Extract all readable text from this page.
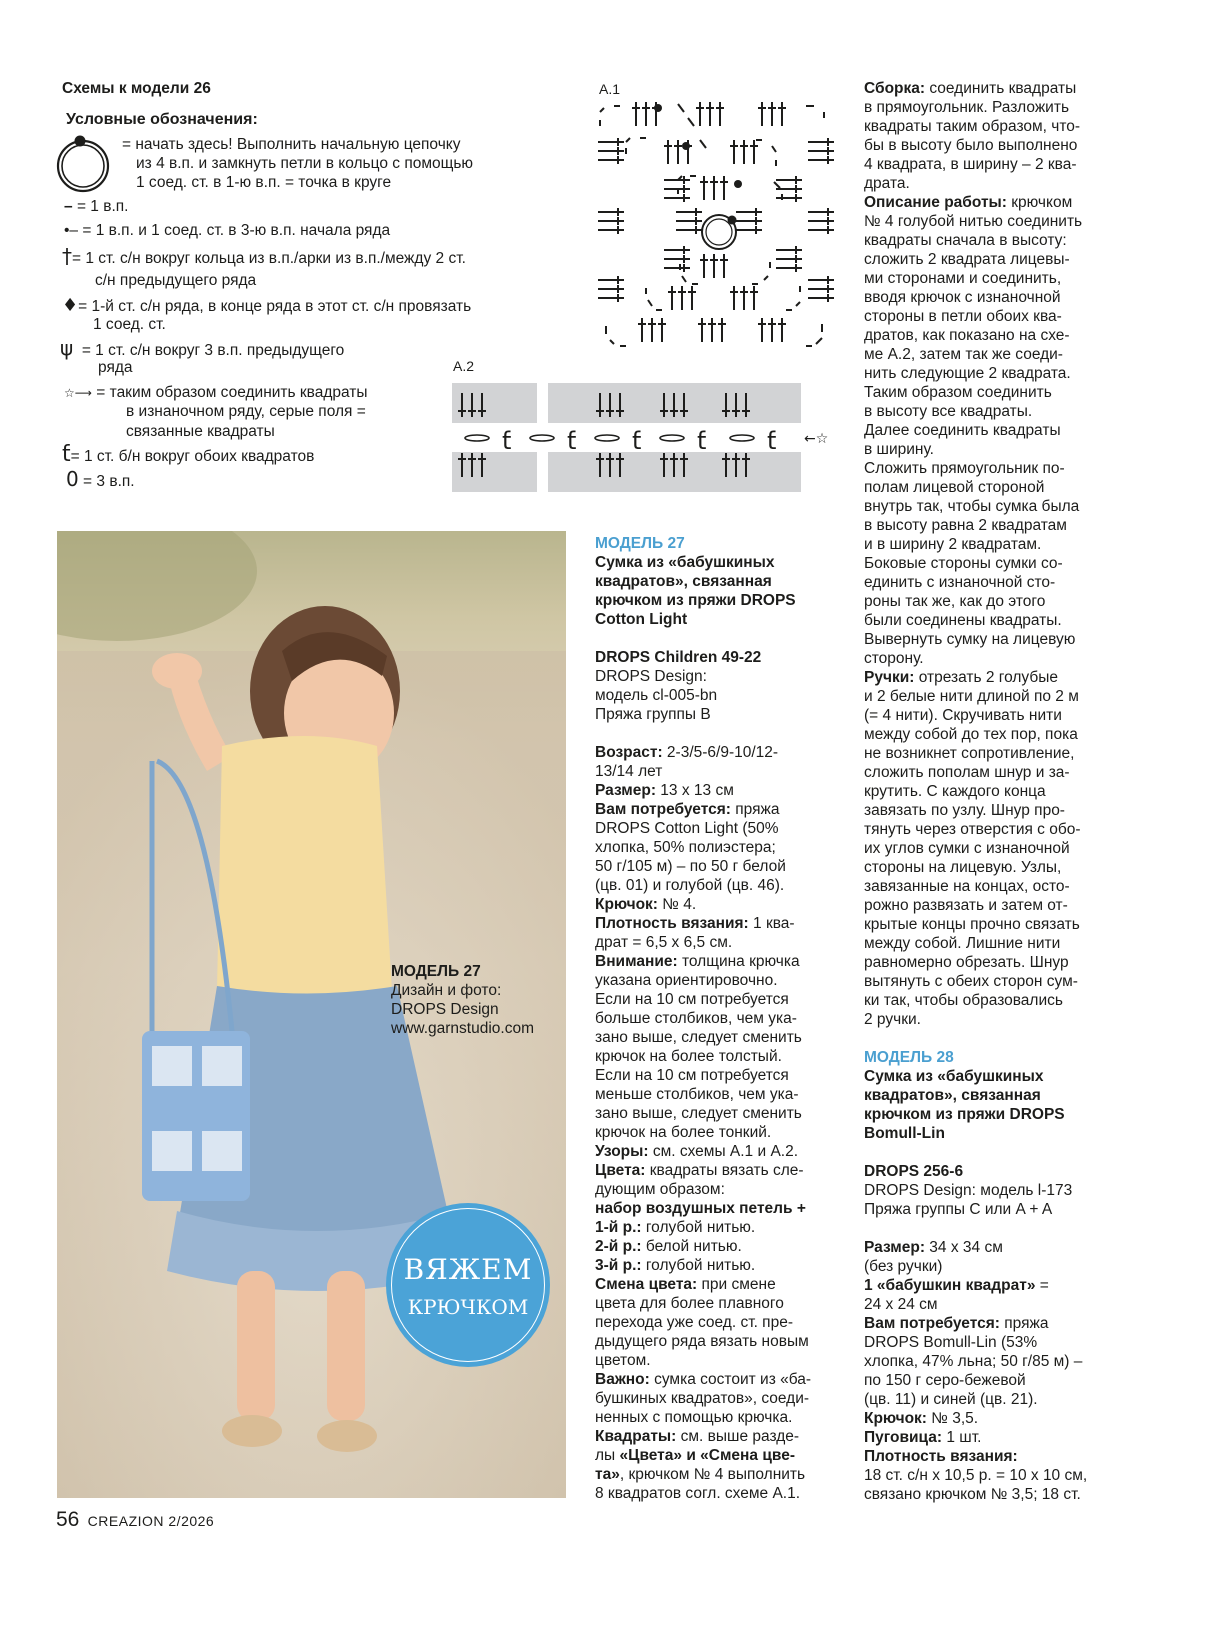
Схемы к модели 26
Условные обозначения:
= начать здесь! Выполнить начальную цепочку
из 4 в.п. и замкнуть петли в кольцо с помощью
1 соед. ст. в 1-ю в.п. = точка в круге
– = 1 в.п.
•– = 1 в.п. и 1 соед. ст. в 3-ю в.п. начала ряда
†= 1 ст. с/н вокруг кольца из в.п./арки из в.п./между 2 ст.
с/н предыдущего ряда
♦= 1-й ст. с/н ряда, в конце ряда в этот ст. с/н провязать
1 соед. ст.
ψ = 1 ст. с/н вокруг 3 в.п. предыдущего
ряда
☆⟶ = таким образом соединить квадраты
в изнаночном ряду, серые поля =
связанные квадраты
ƭ= 1 ст. б/н вокруг обоих квадратов
0 = 3 в.п.
A.1
A.2
ƭ ƭ ƭ ƭ	ƭ ←☆
МОДЕЛЬ 27
Дизайн и фото:
DROPS Design
www.garnstudio.com
ВЯЖЕМ
КРЮЧКОМ
МОДЕЛЬ 27
Сумка из «бабушкиных
квадратов», связанная
крючком из пряжи DROPS
Cotton Light
DROPS Children 49-22
DROPS Design:
модель cl-005-bn
Пряжа группы B
Возраст: 2-3/5-6/9-10/12-
13/14 лет
Размер: 13 x 13 см
Вам потребуется: пряжа
DROPS Cotton Light (50%
хлопка, 50% полиэстера;
50 г/105 м) – по 50 г белой
(цв. 01) и голубой (цв. 46).
Крючок: № 4.
Плотность вязания: 1 ква-
драт = 6,5 x 6,5 см.
Внимание: толщина крючка
указана ориентировочно.
Если на 10 см потребуется
больше столбиков, чем ука-
зано выше, следует сменить
крючок на более толстый.
Если на 10 см потребуется
меньше столбиков, чем ука-
зано выше, следует сменить
крючок на более тонкий.
Узоры: см. схемы A.1 и A.2.
Цвета: квадраты вязать сле-
дующим образом:
набор воздушных петель +
1-й р.: голубой нитью.
2-й р.: белой нитью.
3-й р.: голубой нитью.
Смена цвета: при смене
цвета для более плавного
перехода уже соед. ст. пре-
дыдущего ряда вязать новым
цветом.
Важно: сумка состоит из «ба-
бушкиных квадратов», соеди-
ненных с помощью крючка.
Квадраты: см. выше разде-
лы «Цвета» и «Смена цве-
та», крючком № 4 выполнить
8 квадратов согл. схеме A.1.
Сборка: соединить квадраты
в прямоугольник. Разложить
квадраты таким образом, что-
бы в высоту было выполнено
4 квадрата, в ширину – 2 ква-
драта.
Описание работы: крючком
№ 4 голубой нитью соединить
квадраты сначала в высоту:
сложить 2 квадрата лицевы-
ми сторонами и соединить,
вводя крючок с изнаночной
стороны в петли обоих ква-
дратов, как показано на схе-
ме A.2, затем так же соеди-
нить следующие 2 квадрата.
Таким образом соединить
в высоту все квадраты.
Далее соединить квадраты
в ширину.
Сложить прямоугольник по-
полам лицевой стороной
внутрь так, чтобы сумка была
в высоту равна 2 квадратам
и в ширину 2 квадратам.
Боковые стороны сумки со-
единить с изнаночной сто-
роны так же, как до этого
были соединены квадраты.
Вывернуть сумку на лицевую
сторону.
Ручки: отрезать 2 голубые
и 2 белые нити длиной по 2 м
(= 4 нити). Скручивать нити
между собой до тех пор, пока
не возникнет сопротивление,
сложить пополам шнур и за-
крутить. С каждого конца
завязать по узлу. Шнур про-
тянуть через отверстия с обо-
их углов сумки с изнаночной
стороны на лицевую. Узлы,
завязанные на концах, осто-
рожно развязать и затем от-
крытые концы прочно связать
между собой. Лишние нити
равномерно обрезать. Шнур
вытянуть с обеих сторон сум-
ки так, чтобы образовались
2 ручки.
МОДЕЛЬ 28
Сумка из «бабушкиных
квадратов», связанная
крючком из пряжи DROPS
Bomull-Lin
DROPS 256-6
DROPS Design: модель l-173
Пряжа группы C или A + A
Размер: 34 x 34 см
(без ручки)
1 «бабушкин квадрат» =
24 x 24 см
Вам потребуется: пряжа
DROPS Bomull-Lin (53%
хлопка, 47% льна; 50 г/85 м) –
по 150 г серо-бежевой
(цв. 11) и синей (цв. 21).
Крючок: № 3,5.
Пуговица: 1 шт.
Плотность вязания:
18 ст. с/н x 10,5 р. = 10 x 10 см,
связано крючком № 3,5; 18 ст.
56 CREAZION 2/2026
